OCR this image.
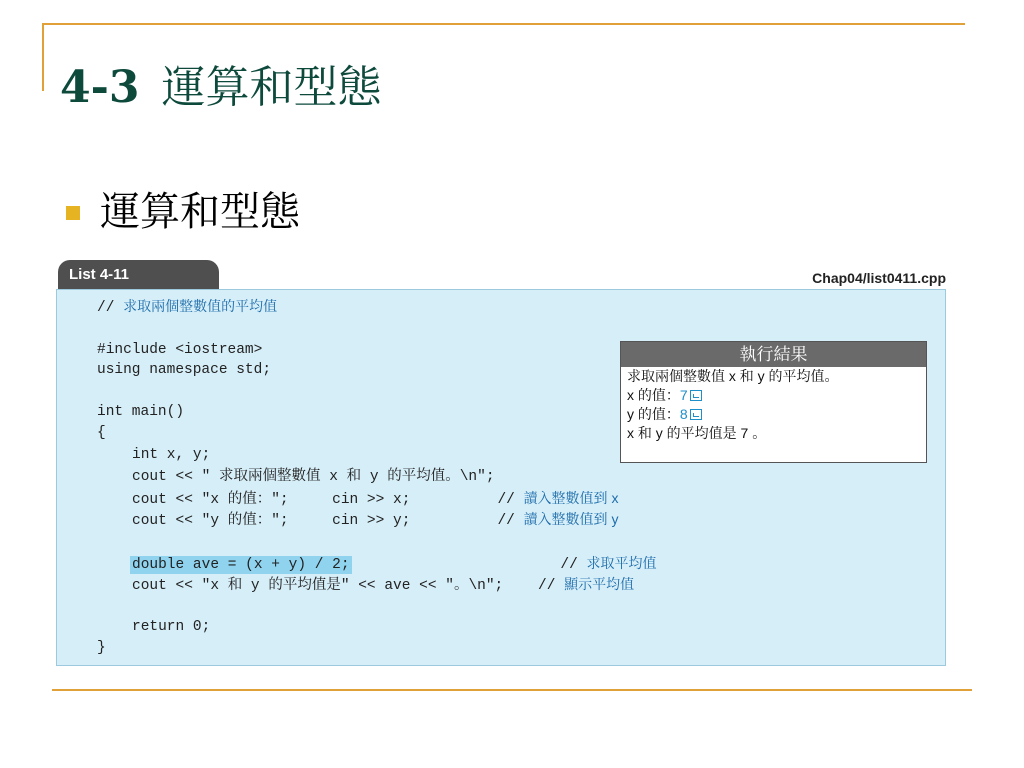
4-3 運算和型態
運算和型態
List 4-11	Chap04/list0411.cpp
// 求取兩個整數值的平均值
#include <iostream>
using namespace std;
int main()
{
int x, y;
cout << " 求取兩個整數值 x 和 y 的平均值。\n";
cout << "x 的值：";     cin >> x;          // 讀入整數值到 x
cout << "y 的值：";     cin >> y;          // 讀入整數值到 y
double ave = (x + y) / 2;                        // 求取平均值
cout << "x 和 y 的平均值是" << ave << "。\n";    // 顯示平均值
return 0;
}
執行結果
求取兩個整數值 x 和 y 的平均值。
x 的值：7
y 的值：8
x 和 y 的平均值是 7 。
